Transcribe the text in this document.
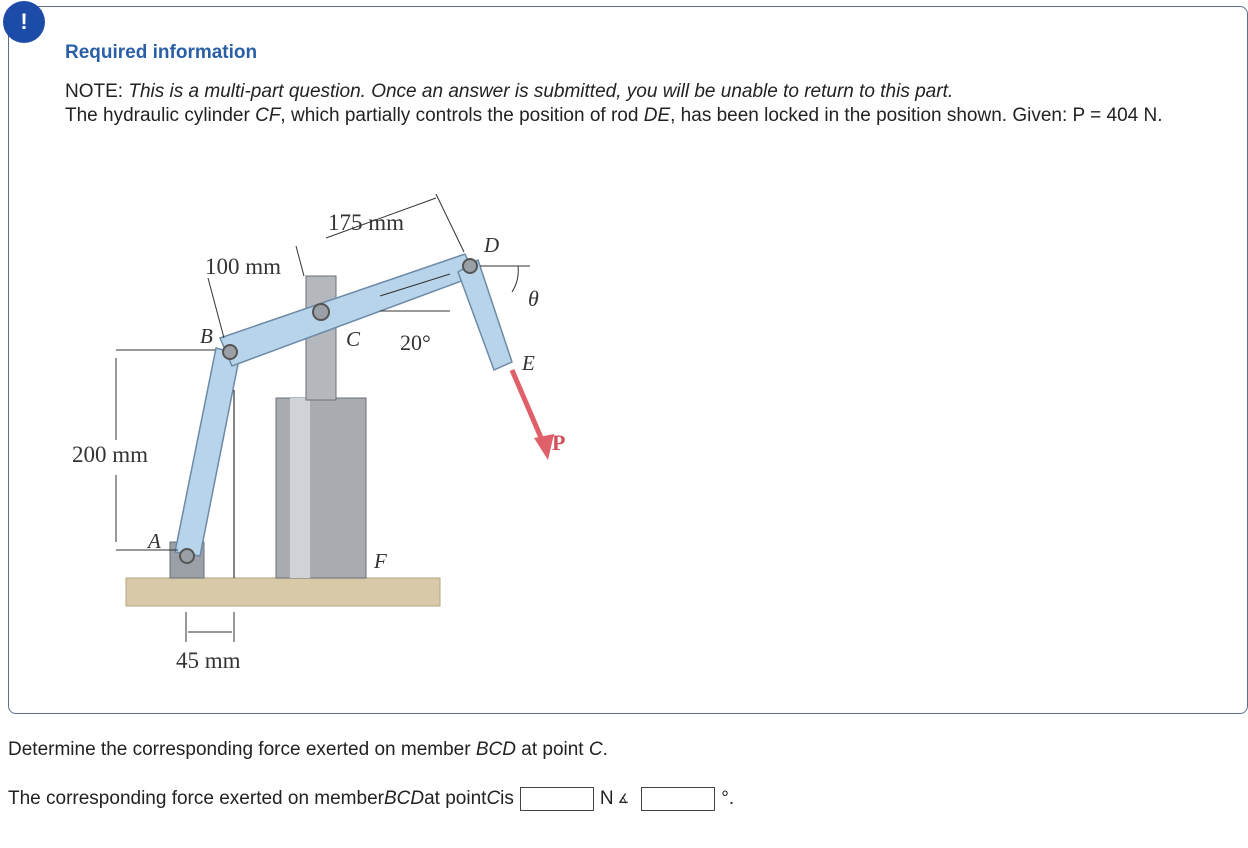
!
Required information
NOTE: This is a multi-part question. Once an answer is submitted, you will be unable to return to this part.
The hydraulic cylinder CF, which partially controls the position of rod DE, has been locked in the position shown. Given: P = 404 N.
175 mm
100 mm
200 mm
45 mm
20°
θ
A
B	C
D
E
F
P
Determine the corresponding force exerted on member BCD at point C.
The corresponding force exerted on member BCD at point C is	N ∡	°.
